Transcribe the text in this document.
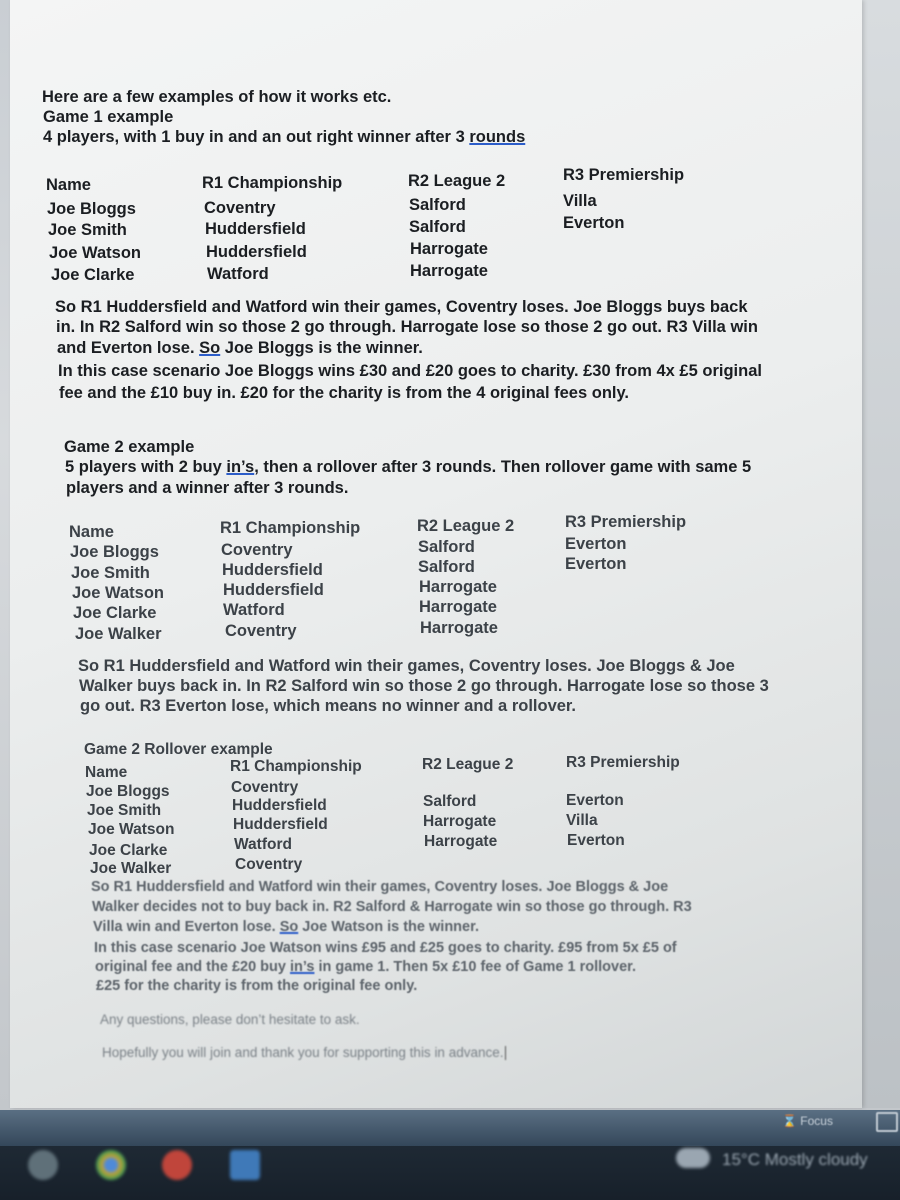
Here are a few examples of how it works etc.
Game 1 example
4 players, with 1 buy in and an out right winner after 3 rounds
Name	R1 Championship	R2 League 2	R3 Premiership
Joe Bloggs	Coventry	Salford	Villa
Joe Smith	Huddersfield	Salford	Everton
Joe Watson	Huddersfield	Harrogate
Joe Clarke	Watford	Harrogate
So R1 Huddersfield and Watford win their games, Coventry loses. Joe Bloggs buys back
in. In R2 Salford win so those 2 go through. Harrogate lose so those 2 go out. R3 Villa win
and Everton lose. So Joe Bloggs is the winner.
In this case scenario Joe Bloggs wins £30 and £20 goes to charity. £30 from 4x £5 original
fee and the £10 buy in. £20 for the charity is from the 4 original fees only.
Game 2 example
5 players with 2 buy in’s, then a rollover after 3 rounds. Then rollover game with same 5
players and a winner after 3 rounds.
Name	R1 Championship	R2 League 2	R3 Premiership
Joe Bloggs	Coventry	Salford	Everton
Joe Smith	Huddersfield	Salford	Everton
Joe Watson	Huddersfield	Harrogate
Joe Clarke	Watford	Harrogate
Joe Walker	Coventry	Harrogate
So R1 Huddersfield and Watford win their games, Coventry loses. Joe Bloggs & Joe
Walker buys back in. In R2 Salford win so those 2 go through. Harrogate lose so those 3
go out. R3 Everton lose, which means no winner and a rollover.
Game 2 Rollover example
Name	R1 Championship	R2 League 2	R3 Premiership
Joe Bloggs	Coventry
Joe Smith	Huddersfield	Salford	Everton
Joe Watson	Huddersfield	Harrogate	Villa
Joe Clarke	Watford	Harrogate	Everton
Joe Walker	Coventry
So R1 Huddersfield and Watford win their games, Coventry loses. Joe Bloggs & Joe
Walker decides not to buy back in. R2 Salford & Harrogate win so those go through. R3
Villa win and Everton lose. So Joe Watson is the winner.
In this case scenario Joe Watson wins £95 and £25 goes to charity. £95 from 5x £5 of
original fee and the £20 buy in’s in game 1. Then 5x £10 fee of Game 1 rollover.
£25 for the charity is from the original fee only.
Any questions, please don’t hesitate to ask.
Hopefully you will join and thank you for supporting this in advance.
⌛ Focus
15°C Mostly cloudy
